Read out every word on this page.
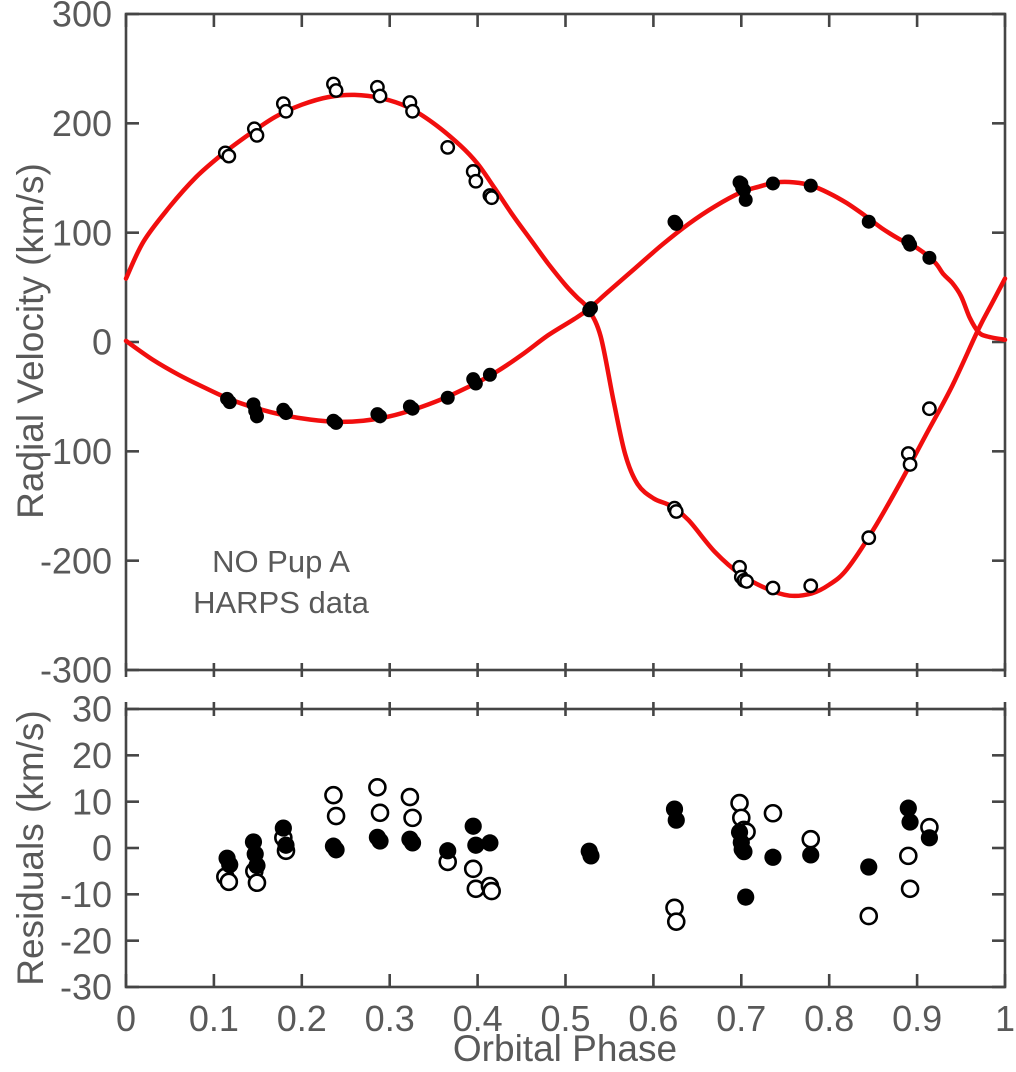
300
200
100
0
-100
-200
-300
30
20
10
0
-10
-20
-30
0 0.1 0.2 0.3 0.4 0.5 0.6 0.7 0.8 0.9 1
Radial Velocity (km/s)
Residuals (km/s)
Orbital Phase
NO Pup A
HARPS data
